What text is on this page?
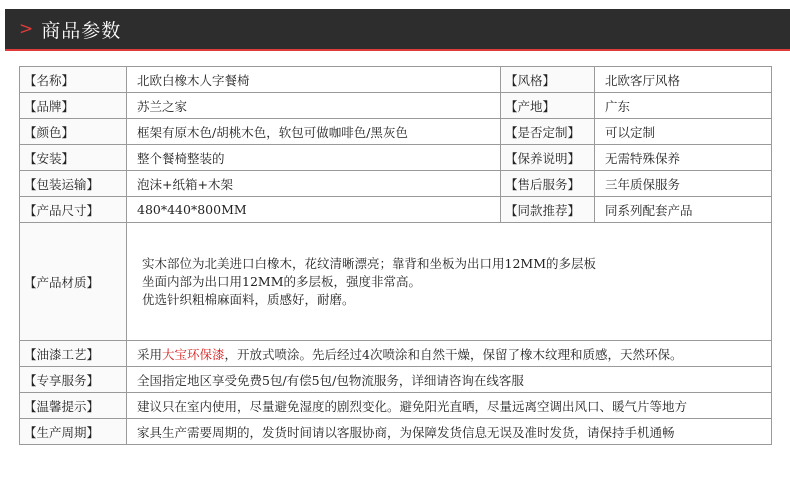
> 商品参数
【名称】	北欧白橡木人字餐椅	【风格】	北欧客厅风格
【品牌】	苏兰之家	【产地】	广东
【颜色】	框架有原木色/胡桃木色，软包可做咖啡色/黑灰色	【是否定制】	可以定制
【安装】	整个餐椅整装的	【保养说明】	无需特殊保养
【包装运输】	泡沫+纸箱+木架	【售后服务】	三年质保服务
【产品尺寸】	480*440*800MM	【同款推荐】	同系列配套产品
【产品材质】	实木部位为北美进口白橡木，花纹清晰漂亮；靠背和坐板为出口用12MM的多层板
坐面内部为出口用12MM的多层板，强度非常高。
优选针织粗棉麻面料，质感好，耐磨。		

【油漆工艺】	采用大宝环保漆，开放式喷涂。先后经过4次喷涂和自然干燥，保留了橡木纹理和质感，天然环保。		
【专享服务】	全国指定地区享受免费5包/有偿5包/包物流服务，详细请咨询在线客服		
【温馨提示】	建议只在室内使用，尽量避免湿度的剧烈变化。避免阳光直晒，尽量远离空调出风口、暖气片等地方		
【生产周期】	家具生产需要周期的，发货时间请以客服协商，为保障发货信息无误及准时发货，请保持手机通畅		
